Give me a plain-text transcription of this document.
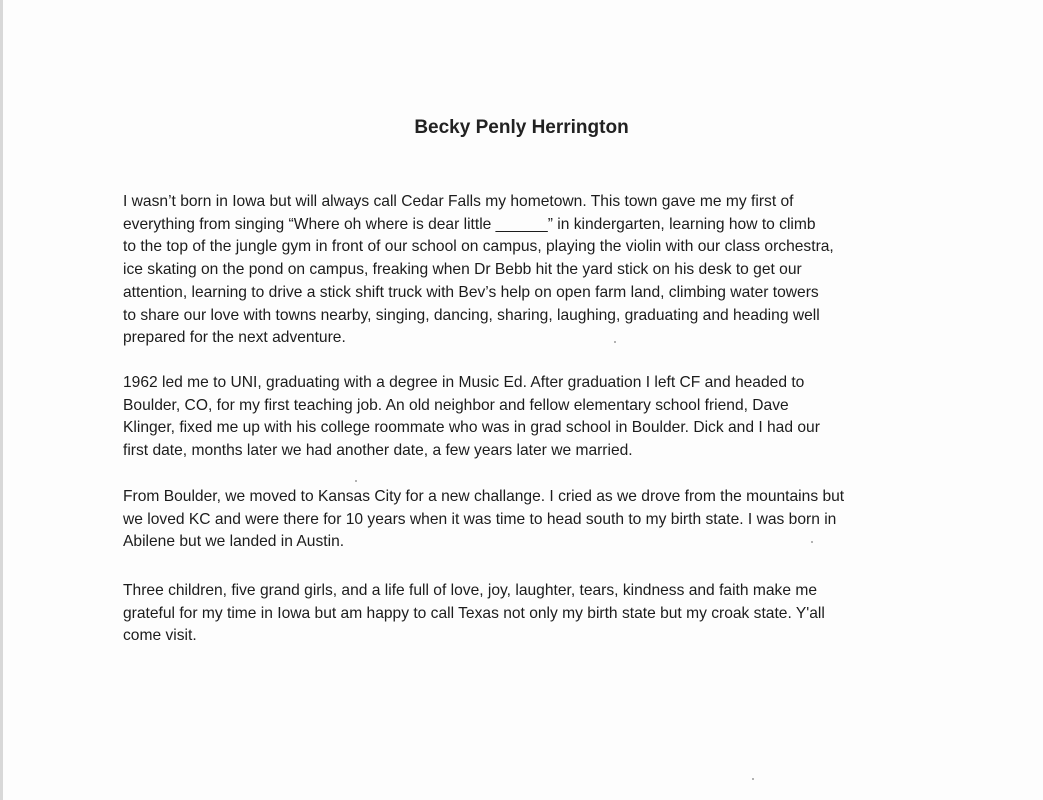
Becky Penly Herrington
I wasn’t born in Iowa but will always call Cedar Falls my hometown. This town gave me my first of
everything from singing “Where oh where is dear little ______” in kindergarten, learning how to climb
to the top of the jungle gym in front of our school on campus, playing the violin with our class orchestra,
ice skating on the pond on campus, freaking when Dr Bebb hit the yard stick on his desk to get our
attention, learning to drive a stick shift truck with Bev’s help on open farm land, climbing water towers
to share our love with towns nearby, singing, dancing, sharing, laughing, graduating and heading well
prepared for the next adventure.
1962 led me to UNI, graduating with a degree in Music Ed. After graduation I left CF and headed to
Boulder, CO, for my first teaching job. An old neighbor and fellow elementary school friend, Dave
Klinger, fixed me up with his college roommate who was in grad school in Boulder. Dick and I had our
first date, months later we had another date, a few years later we married.
From Boulder, we moved to Kansas City for a new challange. I cried as we drove from the mountains but
we loved KC and were there for 10 years when it was time to head south to my birth state. I was born in
Abilene but we landed in Austin.
Three children, five grand girls, and a life full of love, joy, laughter, tears, kindness and faith make me
grateful for my time in Iowa but am happy to call Texas not only my birth state but my croak state. Y'all
come visit.
